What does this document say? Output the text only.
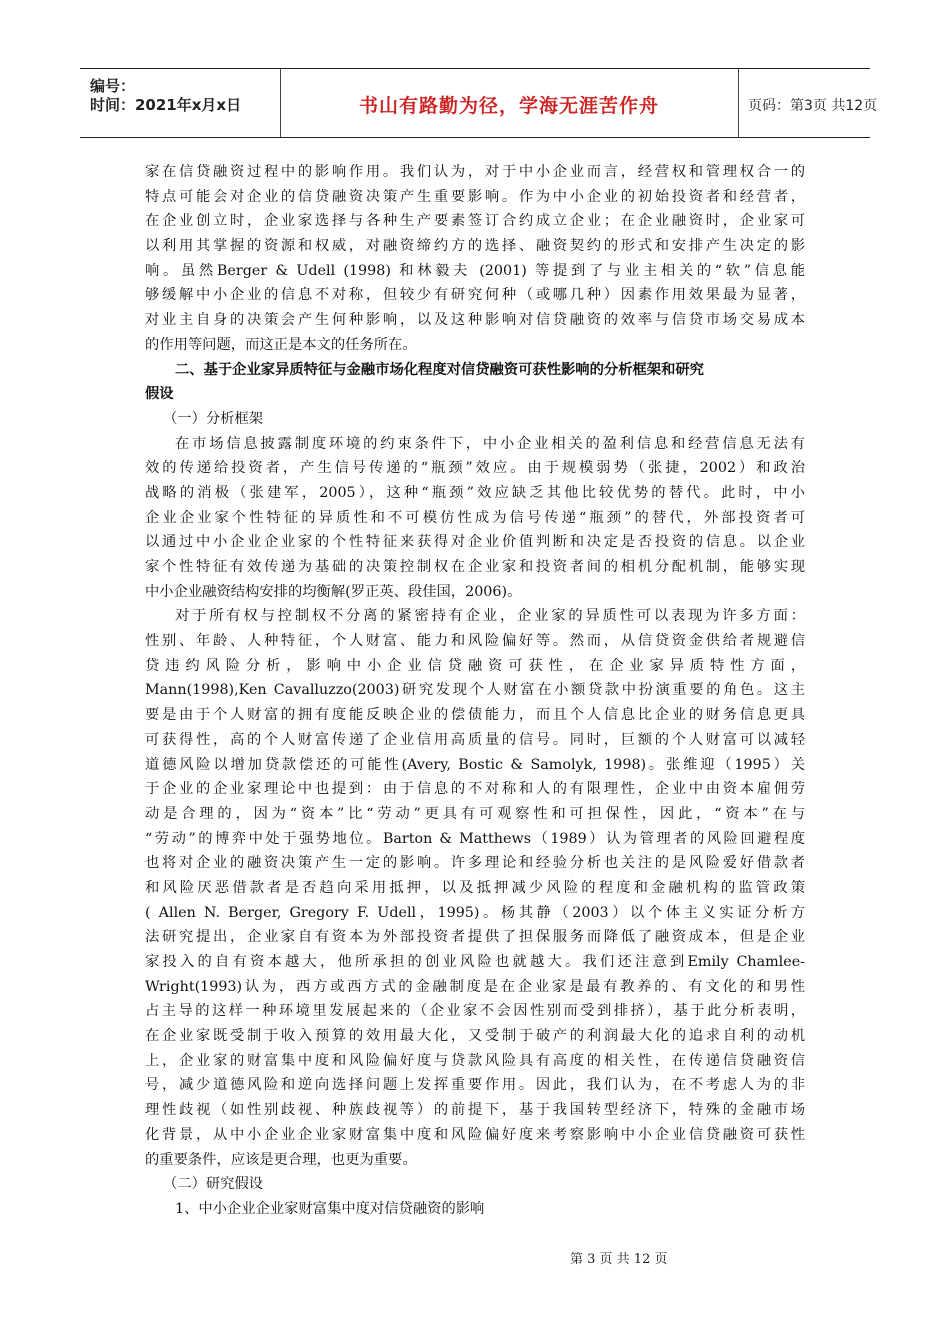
编号：
时间：2021年x月x日	书山有路勤为径，学海无涯苦作舟	页码：第3页 共12页
家在信贷融资过程中的影响作用。我们认为，对于中小企业而言，经营权和管理权合一的
特点可能会对企业的信贷融资决策产生重要影响。作为中小企业的初始投资者和经营者，
在企业创立时，企业家选择与各种生产要素签订合约成立企业；在企业融资时，企业家可
以利用其掌握的资源和权威，对融资缔约方的选择、融资契约的形式和安排产生决定的影
响。虽然Berger & Udell (1998) 和林毅夫 (2001) 等提到了与业主相关的“软”信息能
够缓解中小企业的信息不对称，但较少有研究何种（或哪几种）因素作用效果最为显著，
对业主自身的决策会产生何种影响，以及这种影响对信贷融资的效率与信贷市场交易成本
的作用等问题，而这正是本文的任务所在。
二、基于企业家异质特征与金融市场化程度对信贷融资可获性影响的分析框架和研究
假设
（一）分析框架
在市场信息披露制度环境的约束条件下，中小企业相关的盈利信息和经营信息无法有
效的传递给投资者，产生信号传递的“瓶颈”效应。由于规模弱势（张捷，2002）和政治
战略的消极（张建军，2005），这种“瓶颈”效应缺乏其他比较优势的替代。此时，中小
企业企业家个性特征的异质性和不可模仿性成为信号传递“瓶颈”的替代，外部投资者可
以通过中小企业企业家的个性特征来获得对企业价值判断和决定是否投资的信息。以企业
家个性特征有效传递为基础的决策控制权在企业家和投资者间的相机分配机制，能够实现
中小企业融资结构安排的均衡解(罗正英、段佳国，2006)。
对于所有权与控制权不分离的紧密持有企业，企业家的异质性可以表现为许多方面：
性别、年龄、人种特征，个人财富、能力和风险偏好等。然而，从信贷资金供给者规避信
贷违约风险分析，影响中小企业信贷融资可获性，在企业家异质特性方面，
Mann(1998),Ken Cavalluzzo(2003)研究发现个人财富在小额贷款中扮演重要的角色。这主
要是由于个人财富的拥有度能反映企业的偿债能力，而且个人信息比企业的财务信息更具
可获得性，高的个人财富传递了企业信用高质量的信号。同时，巨额的个人财富可以减轻
道德风险以增加贷款偿还的可能性(Avery, Bostic & Samolyk, 1998)。张维迎（1995）关
于企业的企业家理论中也提到：由于信息的不对称和人的有限理性，企业中由资本雇佣劳
动是合理的，因为“资本”比“劳动”更具有可观察性和可担保性，因此，“资本”在与
“劳动”的博弈中处于强势地位。Barton & Matthews（1989）认为管理者的风险回避程度
也将对企业的融资决策产生一定的影响。许多理论和经验分析也关注的是风险爱好借款者
和风险厌恶借款者是否趋向采用抵押，以及抵押减少风险的程度和金融机构的监管政策
( Allen N. Berger, Gregory F. Udell，1995)。杨其静（2003）以个体主义实证分析方
法研究提出，企业家自有资本为外部投资者提供了担保服务而降低了融资成本，但是企业
家投入的自有资本越大，他所承担的创业风险也就越大。我们还注意到Emily Chamlee-
Wright(1993)认为，西方或西方式的金融制度是在企业家是最有教养的、有文化的和男性
占主导的这样一种环境里发展起来的（企业家不会因性别而受到排挤），基于此分析表明，
在企业家既受制于收入预算的效用最大化，又受制于破产的利润最大化的追求自利的动机
上，企业家的财富集中度和风险偏好度与贷款风险具有高度的相关性，在传递信贷融资信
号，减少道德风险和逆向选择问题上发挥重要作用。因此，我们认为，在不考虑人为的非
理性歧视（如性别歧视、种族歧视等）的前提下，基于我国转型经济下，特殊的金融市场
化背景，从中小企业企业家财富集中度和风险偏好度来考察影响中小企业信贷融资可获性
的重要条件，应该是更合理，也更为重要。
（二）研究假设
1、中小企业企业家财富集中度对信贷融资的影响
第 3 页 共 12 页
